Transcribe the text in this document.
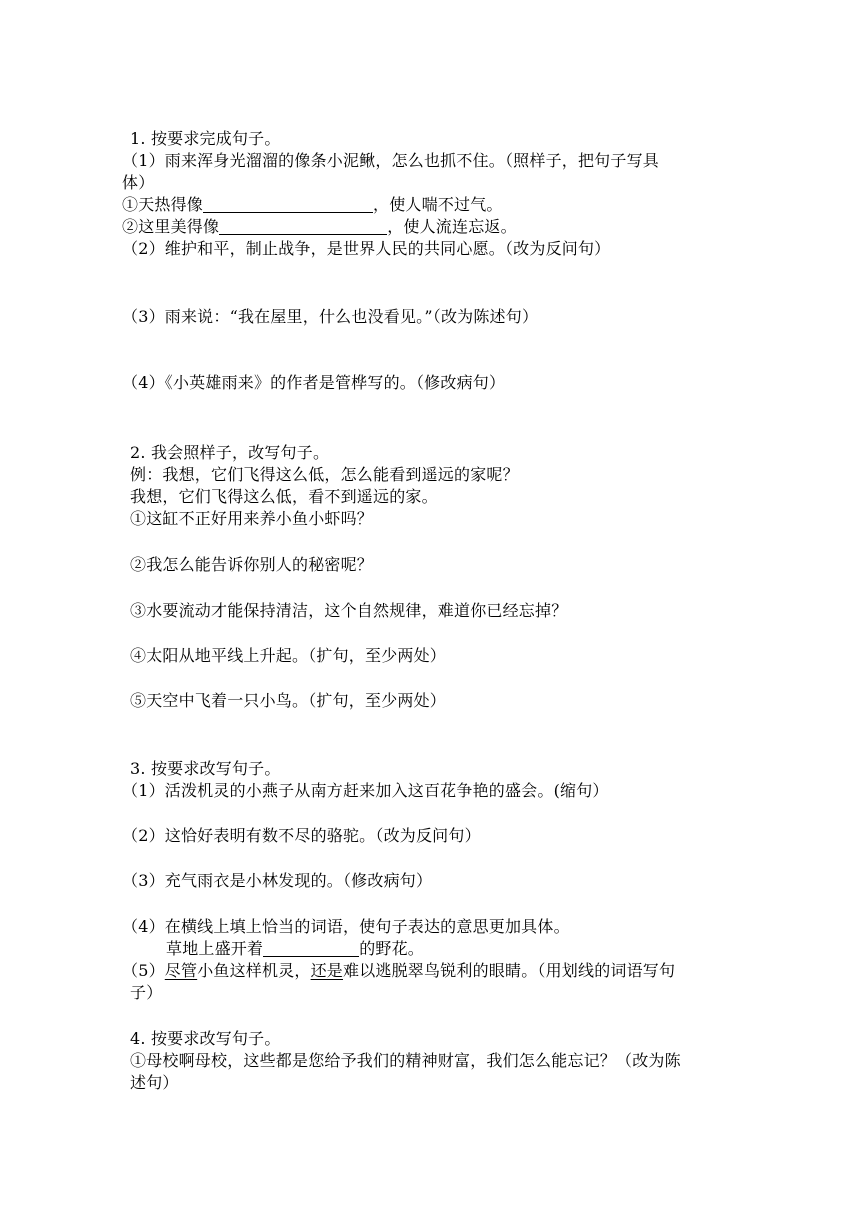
1. 按要求完成句子。
（1）雨来浑身光溜溜的像条小泥鳅，怎么也抓不住。（照样子，把句子写具
体）
①天热得像	，使人喘不过气。
②这里美得像	，使人流连忘返。
（2）维护和平，制止战争，是世界人民的共同心愿。（改为反问句）
（3）雨来说：“我在屋里，什么也没看见。”（改为陈述句）
（4）《小英雄雨来》的作者是管桦写的。（修改病句）
2. 我会照样子，改写句子。
例：我想，它们飞得这么低，怎么能看到遥远的家呢？
我想，它们飞得这么低，看不到遥远的家。
①这缸不正好用来养小鱼小虾吗？
②我怎么能告诉你别人的秘密呢？
③水要流动才能保持清洁，这个自然规律，难道你已经忘掉？
④太阳从地平线上升起。（扩句，至少两处）
⑤天空中飞着一只小鸟。（扩句，至少两处）
3. 按要求改写句子。
（1）活泼机灵的小燕子从南方赶来加入这百花争艳的盛会。(缩句）
（2）这恰好表明有数不尽的骆驼。（改为反问句）
（3）充气雨衣是小林发现的。（修改病句）
（4）在横线上填上恰当的词语，使句子表达的意思更加具体。
草地上盛开着	的野花。
（5）尽管小鱼这样机灵，还是难以逃脱翠鸟锐利的眼睛。（用划线的词语写句
子）
4. 按要求改写句子。
①母校啊母校，这些都是您给予我们的精神财富，我们怎么能忘记？（改为陈
述句）
